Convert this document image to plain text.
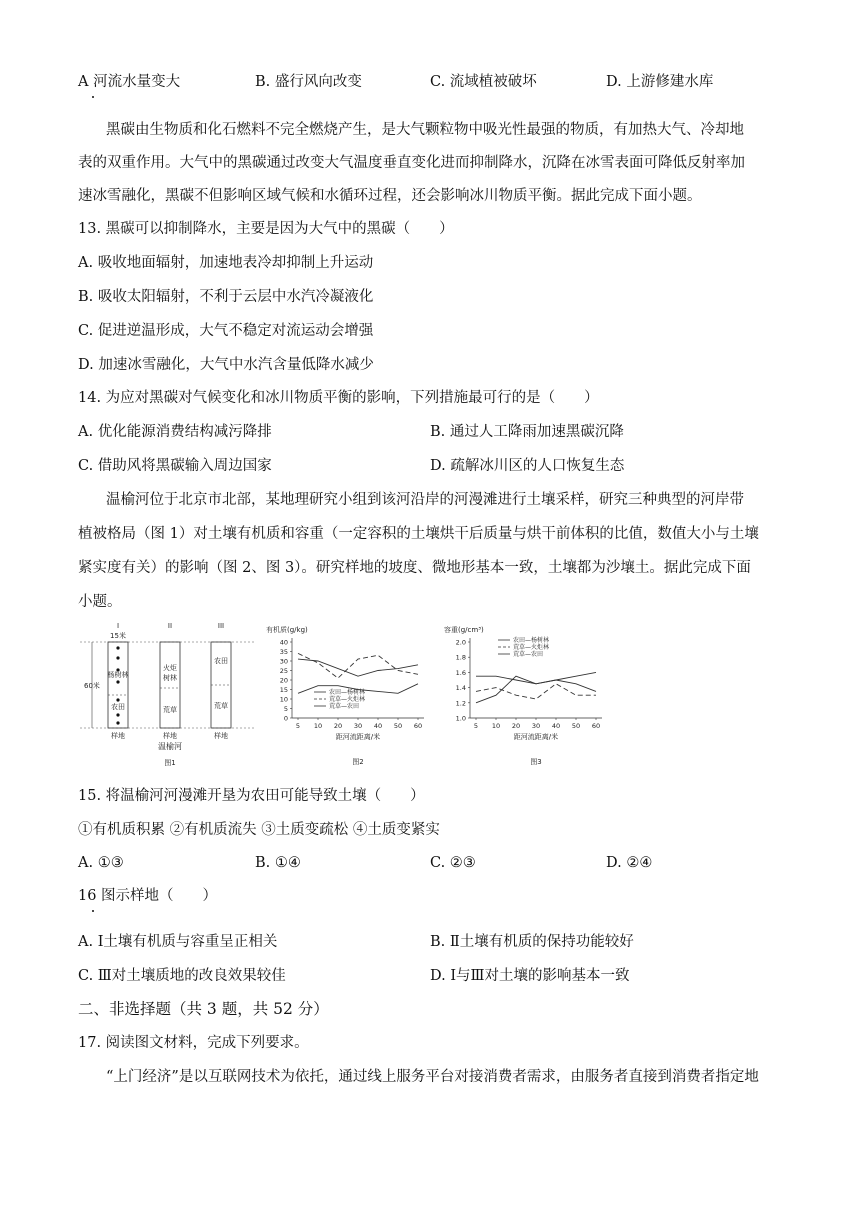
A 河流水量变大	B. 盛行风向改变	C. 流域植被破坏	D. 上游修建水库
黑碳由生物质和化石燃料不完全燃烧产生，是大气颗粒物中吸光性最强的物质，有加热大气、冷却地
表的双重作用。大气中的黑碳通过改变大气温度垂直变化进而抑制降水，沉降在冰雪表面可降低反射率加
速冰雪融化，黑碳不但影响区域气候和水循环过程，还会影响冰川物质平衡。据此完成下面小题。
13. 黑碳可以抑制降水，主要是因为大气中的黑碳（　　）
A. 吸收地面辐射，加速地表冷却抑制上升运动
B. 吸收太阳辐射，不利于云层中水汽冷凝液化
C. 促进逆温形成，大气不稳定对流运动会增强
D. 加速冰雪融化，大气中水汽含量低降水减少
14. 为应对黑碳对气候变化和冰川物质平衡的影响，下列措施最可行的是（　　）
A. 优化能源消费结构减污降排	B. 通过人工降雨加速黑碳沉降
C. 借助风将黑碳输入周边国家	D. 疏解冰川区的人口恢复生态
温榆河位于北京市北部，某地理研究小组到该河沿岸的河漫滩进行土壤采样，研究三种典型的河岸带
植被格局（图 1）对土壤有机质和容重（一定容积的土壤烘干后质量与烘干前体积的比值，数值大小与土壤
紧实度有关）的影响（图 2、图 3）。研究样地的坡度、微地形基本一致，土壤都为沙壤土。据此完成下面
小题。
I	II	III
15米
60米
杨树林
农田
火炬
树林
荒草
农田
荒草
样地	样地	样地
温榆河
图1
有机质(g/kg)
0
5
10
15
20
25
30
35
40
5 10 20 30 40 50 60
距河流距离/米
农田—杨树林
荒草—火炬林
荒草—农田
图2
容重(g/cm³)
1.0
1.2
1.4
1.6
1.8
2.0
5 10 20 30 40 50 60
距河流距离/米
农田—杨树林
荒草—火炬林
荒草—农田
图3
15. 将温榆河河漫滩开垦为农田可能导致土壤（　　）
①有机质积累 ②有机质流失 ③土质变疏松 ④土质变紧实
A. ①③	B. ①④	C. ②③	D. ②④
16 图示样地（　　）
A. Ⅰ土壤有机质与容重呈正相关	B. Ⅱ土壤有机质的保持功能较好
C. Ⅲ对土壤质地的改良效果较佳	D. Ⅰ与Ⅲ对土壤的影响基本一致
二、非选择题（共 3 题，共 52 分）
17. 阅读图文材料，完成下列要求。
“上门经济”是以互联网技术为依托，通过线上服务平台对接消费者需求，由服务者直接到消费者指定地
